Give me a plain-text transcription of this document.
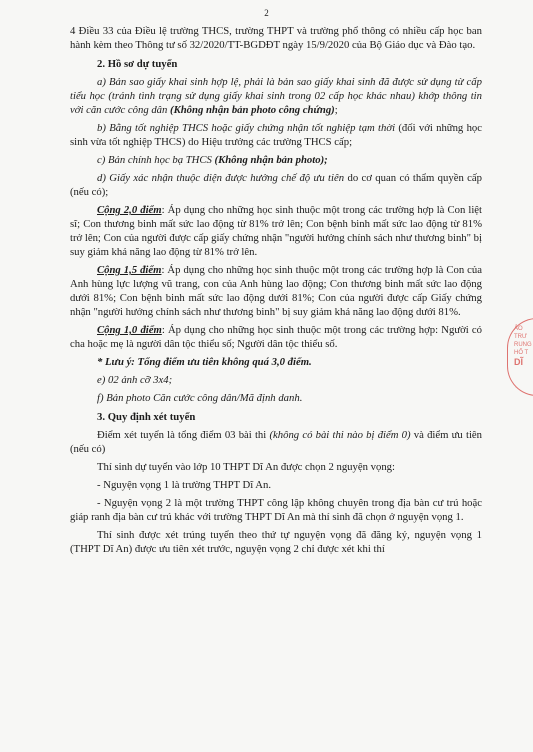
2

4 Điều 33 của Điều lệ trường THCS, trường THPT và trường phổ thông có nhiều cấp học ban hành kèm theo Thông tư số 32/2020/TT-BGDĐT ngày 15/9/2020 của Bộ Giáo dục và Đào tạo.

2. Hồ sơ dự tuyển

a) Bản sao giấy khai sinh hợp lệ, phải là bản sao giấy khai sinh đã được sử dụng từ cấp tiểu học (tránh tình trạng sử dụng giấy khai sinh trong 02 cấp học khác nhau) khớp thông tin với căn cước công dân (Không nhận bản photo công chứng);

b) Bằng tốt nghiệp THCS hoặc giấy chứng nhận tốt nghiệp tạm thời (đối với những học sinh vừa tốt nghiệp THCS) do Hiệu trưởng các trường THCS cấp;

c) Bản chính học bạ THCS (Không nhận bản photo);

d) Giấy xác nhận thuộc diện được hưởng chế độ ưu tiên do cơ quan có thẩm quyền cấp (nếu có);

Cộng 2,0 điểm: Áp dụng cho những học sinh thuộc một trong các trường hợp là Con liệt sĩ; Con thương binh mất sức lao động từ 81% trở lên; Con bệnh binh mất sức lao động từ 81% trở lên; Con của người được cấp giấy chứng nhận "người hưởng chính sách như thương binh" bị suy giảm khả năng lao động từ 81% trở lên.

Cộng 1,5 điểm: Áp dụng cho những học sinh thuộc một trong các trường hợp là Con của Anh hùng lực lượng vũ trang, con của Anh hùng lao động; Con thương binh mất sức lao động dưới 81%; Con bệnh binh mất sức lao động dưới 81%; Con của người được cấp Giấy chứng nhận "người hưởng chính sách như thương binh" bị suy giảm khả năng lao động dưới 81%.

Cộng 1,0 điểm: Áp dụng cho những học sinh thuộc một trong các trường hợp: Người có cha hoặc mẹ là người dân tộc thiểu số; Người dân tộc thiểu số.

* Lưu ý: Tổng điểm ưu tiên không quá 3,0 điểm.

e) 02 ảnh cỡ 3x4;

f) Bản photo Căn cước công dân/Mã định danh.

3. Quy định xét tuyển

Điểm xét tuyển là tổng điểm 03 bài thi (không có bài thi nào bị điểm 0) và điểm ưu tiên (nếu có)

Thí sinh dự tuyển vào lớp 10 THPT Dĩ An được chọn 2 nguyện vọng:

- Nguyện vọng 1 là trường THPT Dĩ An.

- Nguyện vọng 2 là một trường THPT công lập không chuyên trong địa bàn cư trú hoặc giáp ranh địa bàn cư trú khác với trường THPT Dĩ An mà thí sinh đã chọn ở nguyện vọng 1.

Thí sinh được xét trúng tuyển theo thứ tự nguyện vọng đã đăng ký, nguyện vọng 1 (THPT Dĩ An) được ưu tiên xét trước, nguyện vọng 2 chỉ được xét khi thí

ẢO
TRƯ
RUNG
HỐ T
DĨ
